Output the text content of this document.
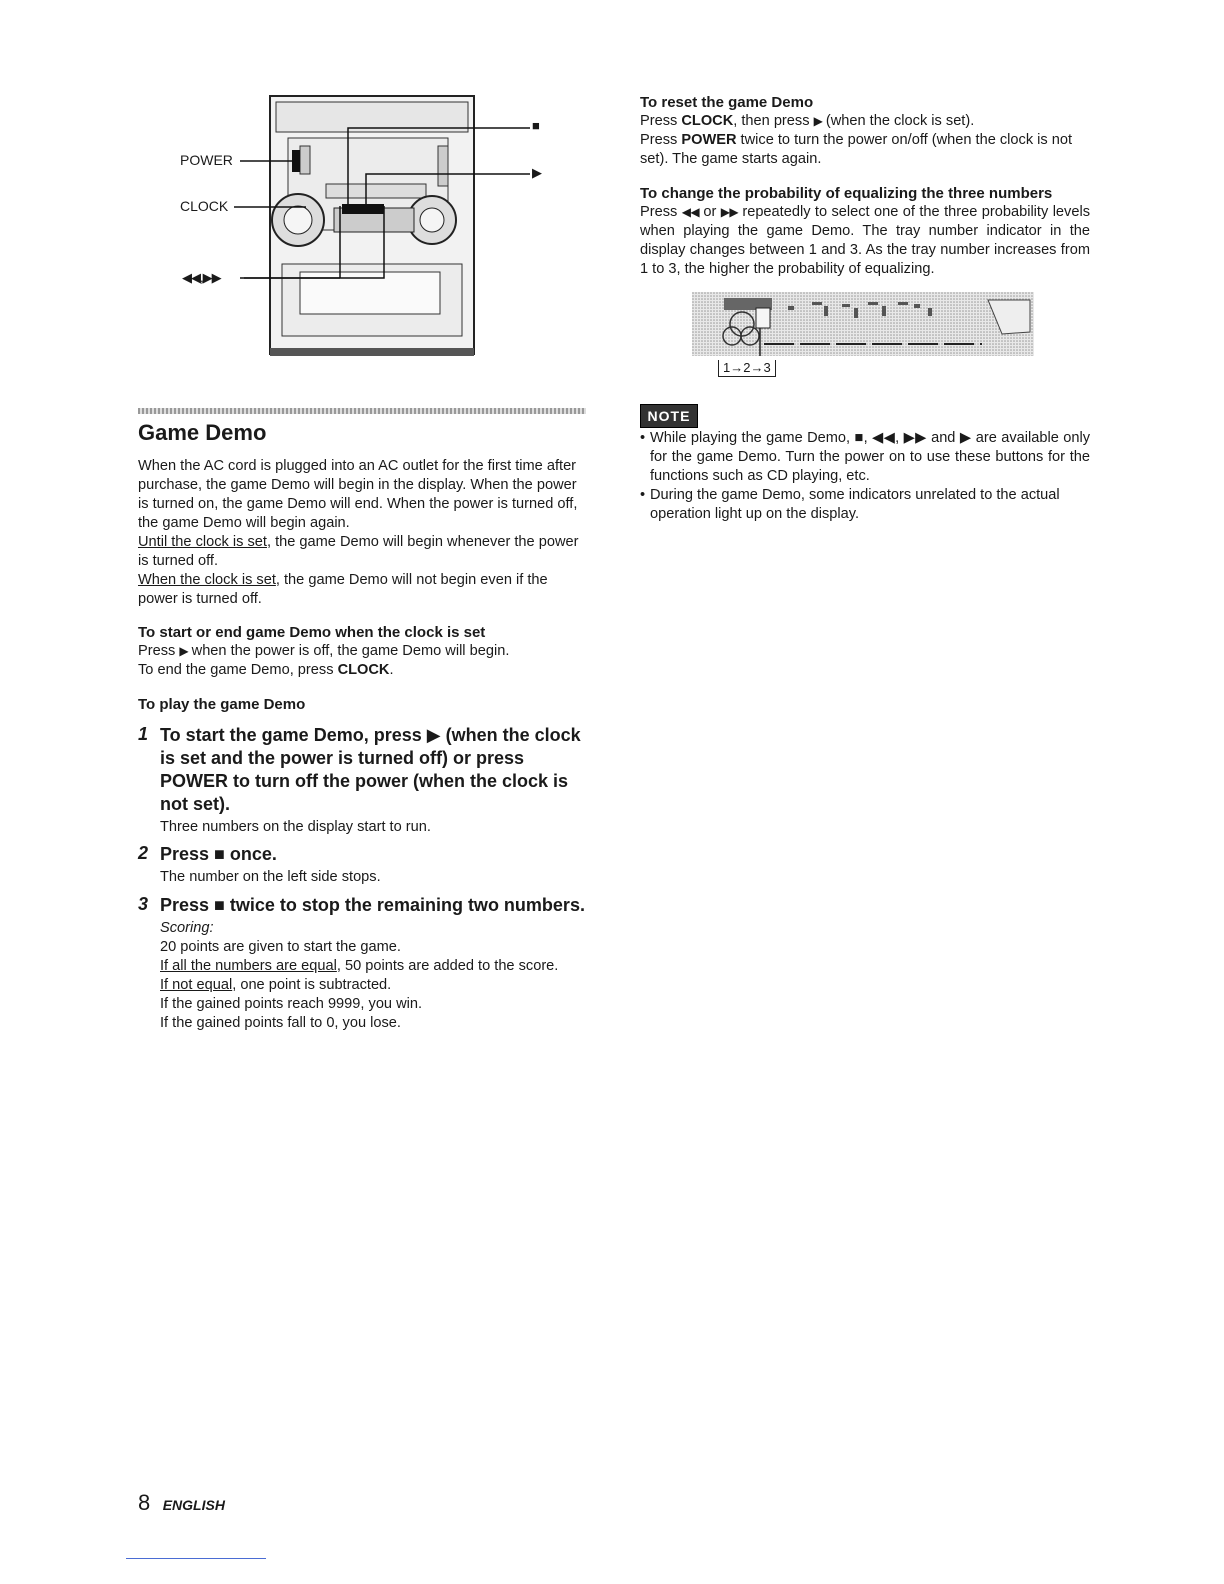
POWER
CLOCK
◀◀,▶▶
■
▶
Game Demo

When the AC cord is plugged into an AC outlet for the first time after purchase, the game Demo will begin in the display. When the power is turned on, the game Demo will end. When the power is turned off, the game Demo will begin again.

Until the clock is set, the game Demo will begin whenever the power is turned off.

When the clock is set, the game Demo will not begin even if the power is turned off.

To start or end game Demo when the clock is set

Press ▶ when the power is off, the game Demo will begin.

To end the game Demo, press CLOCK.

To play the game Demo

1 To start the game Demo, press ▶ (when the clock is set and the power is turned off) or press POWER to turn off the power (when the clock is not set).

Three numbers on the display start to run.

2 Press ■ once.

The number on the left side stops.

3 Press ■ twice to stop the remaining two numbers.

Scoring:

20 points are given to start the game.

If all the numbers are equal, 50 points are added to the score.

If not equal, one point is subtracted.

If the gained points reach 9999, you win.

If the gained points fall to 0, you lose.

To reset the game Demo

Press CLOCK, then press ▶ (when the clock is set).

Press POWER twice to turn the power on/off (when the clock is not set). The game starts again.

To change the probability of equalizing the three numbers

Press ◀◀ or ▶▶ repeatedly to select one of the three probability levels when playing the game Demo. The tray number indicator in the display changes between 1 and 3. As the tray number increases from 1 to 3, the higher the probability of equalizing.

1→2→3
NOTE
• While playing the game Demo, ■, ◀◀, ▶▶ and ▶ are available only for the game Demo. Turn the power on to use these buttons for the functions such as CD playing, etc.
• During the game Demo, some indicators unrelated to the actual operation light up on the display.
8 ENGLISH
